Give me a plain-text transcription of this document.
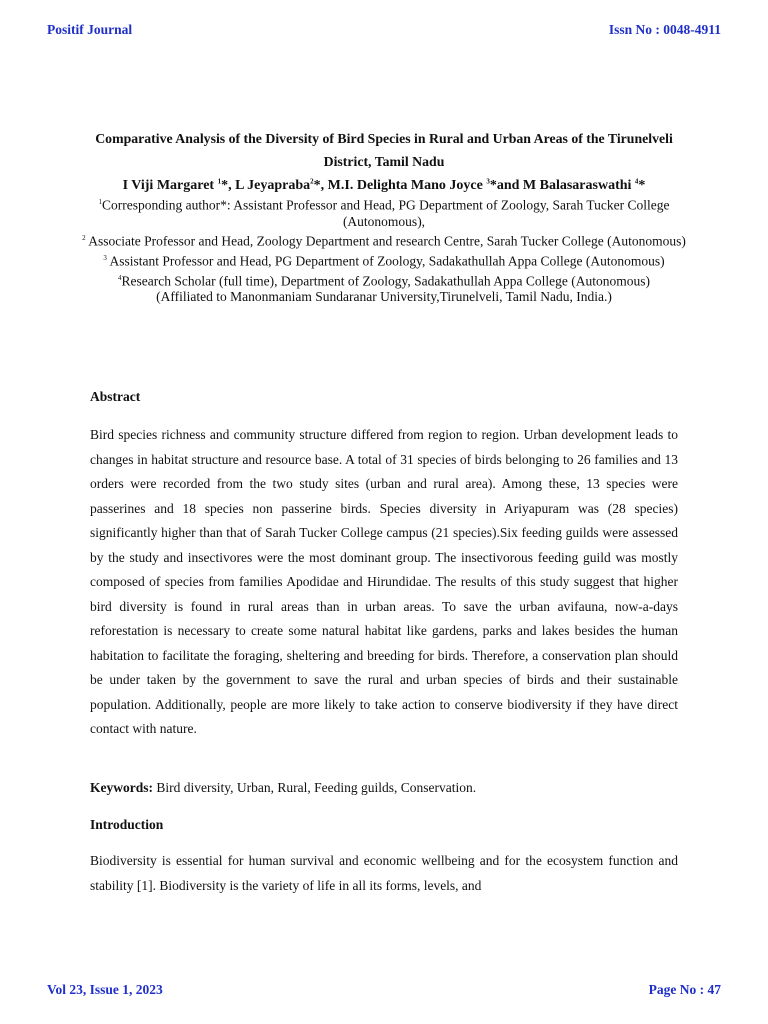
Positif Journal	Issn No : 0048-4911
Comparative Analysis of the Diversity of Bird Species in Rural and Urban Areas of the Tirunelveli District, Tamil Nadu
I Viji Margaret $^1$*, L Jeyapraba$^2$*, M.I. Delighta Mano Joyce $^3$*and M Balasaraswathi $^4$*

$^1$Corresponding author*: Assistant Professor and Head, PG Department of Zoology, Sarah Tucker College (Autonomous),

$^2$ Associate Professor and Head, Zoology Department and research Centre, Sarah Tucker College (Autonomous)

$^3$ Assistant Professor and Head, PG Department of Zoology, Sadakathullah Appa College (Autonomous)

$^4$Research Scholar (full time), Department of Zoology, Sadakathullah Appa College (Autonomous)

(Affiliated to Manonmaniam Sundaranar University,Tirunelveli, Tamil Nadu, India.)

Abstract

Bird species richness and community structure differed from region to region. Urban development leads to changes in habitat structure and resource base. A total of 31 species of birds belonging to 26 families and 13 orders were recorded from the two study sites (urban and rural area). Among these, 13 species were passerines and 18 species non passerine birds. Species diversity in Ariyapuram was (28 species) significantly higher than that of Sarah Tucker College campus (21 species).Six feeding guilds were assessed by the study and insectivores were the most dominant group. The insectivorous feeding guild was mostly composed of species from families Apodidae and Hirundidae. The results of this study suggest that higher bird diversity is found in rural areas than in urban areas. To save the urban avifauna, now-a-days reforestation is necessary to create some natural habitat like gardens, parks and lakes besides the human habitation to facilitate the foraging, sheltering and breeding for birds. Therefore, a conservation plan should be under taken by the government to save the rural and urban species of birds and their sustainable population. Additionally, people are more likely to take action to conserve biodiversity if they have direct contact with nature.

Keywords: Bird diversity, Urban, Rural, Feeding guilds, Conservation.
Introduction

Biodiversity is essential for human survival and economic wellbeing and for the ecosystem function and stability [1]. Biodiversity is the variety of life in all its forms, levels, and

Vol 23, Issue 1, 2023	Page No : 47
